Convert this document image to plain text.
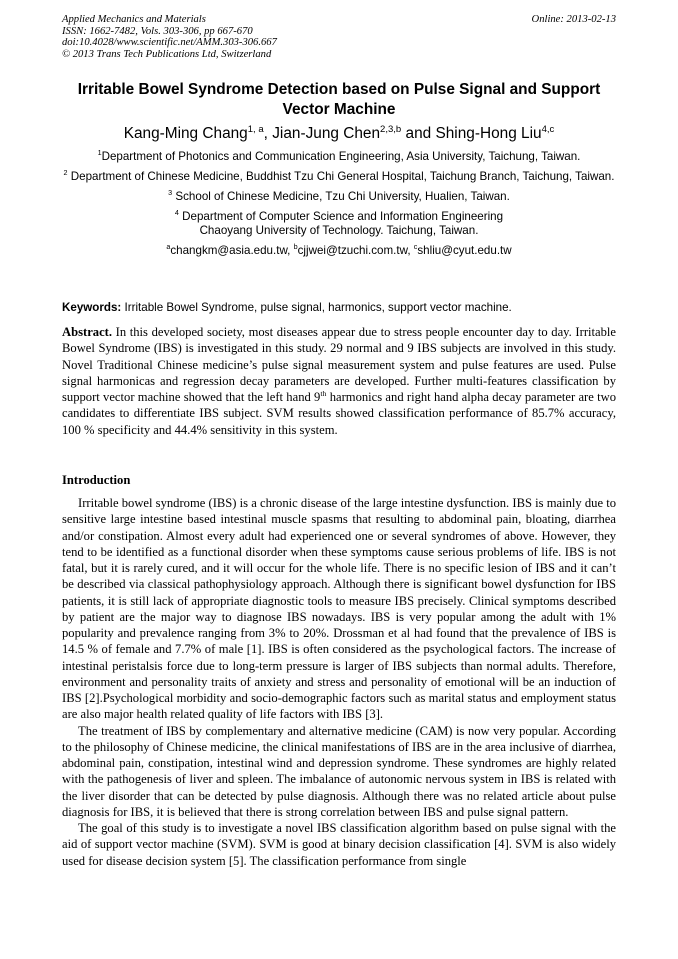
Applied Mechanics and Materials
ISSN: 1662-7482, Vols. 303-306, pp 667-670
doi:10.4028/www.scientific.net/AMM.303-306.667
© 2013 Trans Tech Publications Ltd, Switzerland
Online: 2013-02-13
Irritable Bowel Syndrome Detection based on Pulse Signal and Support Vector Machine
Kang-Ming Chang$^{1, a}$, Jian-Jung Chen$^{2,3,b}$ and Shing-Hong Liu$^{4,c}$
$^1$Department of Photonics and Communication Engineering, Asia University, Taichung, Taiwan.
$^2$ Department of Chinese Medicine, Buddhist Tzu Chi General Hospital, Taichung Branch, Taichung, Taiwan.
$^3$ School of Chinese Medicine, Tzu Chi University, Hualien, Taiwan.
$^4$ Department of Computer Science and Information Engineering
Chaoyang University of Technology. Taichung, Taiwan.
$^a$changkm@asia.edu.tw, $^b$cjjwei@tzuchi.com.tw, $^c$shliu@cyut.edu.tw
Keywords: Irritable Bowel Syndrome, pulse signal, harmonics, support vector machine.
Abstract. In this developed society, most diseases appear due to stress people encounter day to day. Irritable Bowel Syndrome (IBS) is investigated in this study. 29 normal and 9 IBS subjects are involved in this study. Novel Traditional Chinese medicine’s pulse signal measurement system and pulse features are used. Pulse signal harmonicas and regression decay parameters are developed. Further multi-features classification by support vector machine showed that the left hand 9th harmonics and right hand alpha decay parameter are two candidates to differentiate IBS subject. SVM results showed classification performance of 85.7% accuracy, 100 % specificity and 44.4% sensitivity in this system.
Introduction

Irritable bowel syndrome (IBS) is a chronic disease of the large intestine dysfunction. IBS is mainly due to sensitive large intestine based intestinal muscle spasms that resulting to abdominal pain, bloating, diarrhea and/or constipation. Almost every adult had experienced one or several syndromes of above. However, they tend to be identified as a functional disorder when these symptoms cause serious problems of life. IBS is not fatal, but it is rarely cured, and it will occur for the whole life. There is no specific lesion of IBS and it can’t be described via classical pathophysiology approach. Although there is significant bowel dysfunction for IBS patients, it is still lack of appropriate diagnostic tools to measure IBS precisely. Clinical symptoms described by patient are the major way to diagnose IBS nowadays. IBS is very popular among the adult with 1% popularity and prevalence ranging from 3% to 20%. Drossman et al had found that the prevalence of IBS is 14.5 % of female and 7.7% of male [1]. IBS is often considered as the psychological factors. The increase of intestinal peristalsis force due to long-term pressure is larger of IBS subjects than normal adults. Therefore, environment and personality traits of anxiety and stress and personality of emotional will be an induction of IBS [2].Psychological morbidity and socio-demographic factors such as marital status and employment status are also major health related quality of life factors with IBS [3].

The treatment of IBS by complementary and alternative medicine (CAM) is now very popular. According to the philosophy of Chinese medicine, the clinical manifestations of IBS are in the area inclusive of diarrhea, abdominal pain, constipation, intestinal wind and depression syndrome. These syndromes are highly related with the pathogenesis of liver and spleen. The imbalance of autonomic nervous system in IBS is related with the liver disorder that can be detected by pulse diagnosis. Although there was no related article about pulse diagnosis for IBS, it is believed that there is strong correlation between IBS and pulse signal pattern.

The goal of this study is to investigate a novel IBS classification algorithm based on pulse signal with the aid of support vector machine (SVM). SVM is good at binary decision classification [4]. SVM is also widely used for disease decision system [5]. The classification performance from single
